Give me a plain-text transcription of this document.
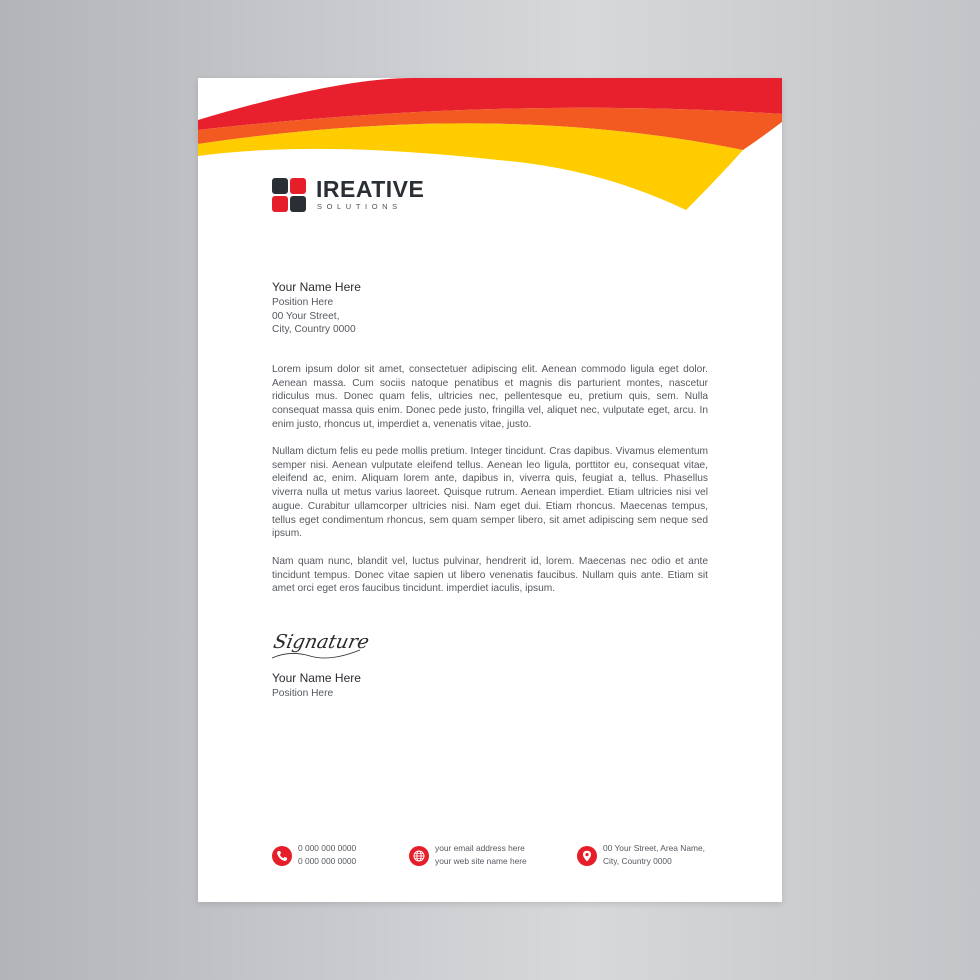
IREATIVE
SOLUTIONS
Your Name Here
Position Here
00 Your Street,
City, Country 0000
Lorem ipsum dolor sit amet, consectetuer adipiscing elit. Aenean commodo ligula eget dolor. Aenean massa. Cum sociis natoque penatibus et magnis dis parturient montes, nascetur ridiculus mus. Donec quam felis, ultricies nec, pellentesque eu, pretium quis, sem. Nulla consequat massa quis enim. Donec pede justo, fringilla vel, aliquet nec, vulputate eget, arcu. In enim justo, rhoncus ut, imperdiet a, venenatis vitae, justo.
Nullam dictum felis eu pede mollis pretium. Integer tincidunt. Cras dapibus. Vivamus elementum semper nisi. Aenean vulputate eleifend tellus. Aenean leo ligula, porttitor eu, consequat vitae, eleifend ac, enim. Aliquam lorem ante, dapibus in, viverra quis, feugiat a, tellus. Phasellus viverra nulla ut metus varius laoreet. Quisque rutrum. Aenean imperdiet. Etiam ultricies nisi vel augue. Curabitur ullamcorper ultricies nisi. Nam eget dui. Etiam rhoncus. Maecenas tempus, tellus eget condimentum rhoncus, sem quam semper libero, sit amet adipiscing sem neque sed ipsum.
Nam quam nunc, blandit vel, luctus pulvinar, hendrerit id, lorem. Maecenas nec odio et ante tincidunt tempus. Donec vitae sapien ut libero venenatis faucibus. Nullam quis ante. Etiam sit amet orci eget eros faucibus tincidunt. imperdiet iaculis, ipsum.
Signature
Your Name Here
Position Here
0 000 000 0000
0 000 000 0000
your email address here
your web site name here
00 Your Street, Area Name,
City, Country 0000
